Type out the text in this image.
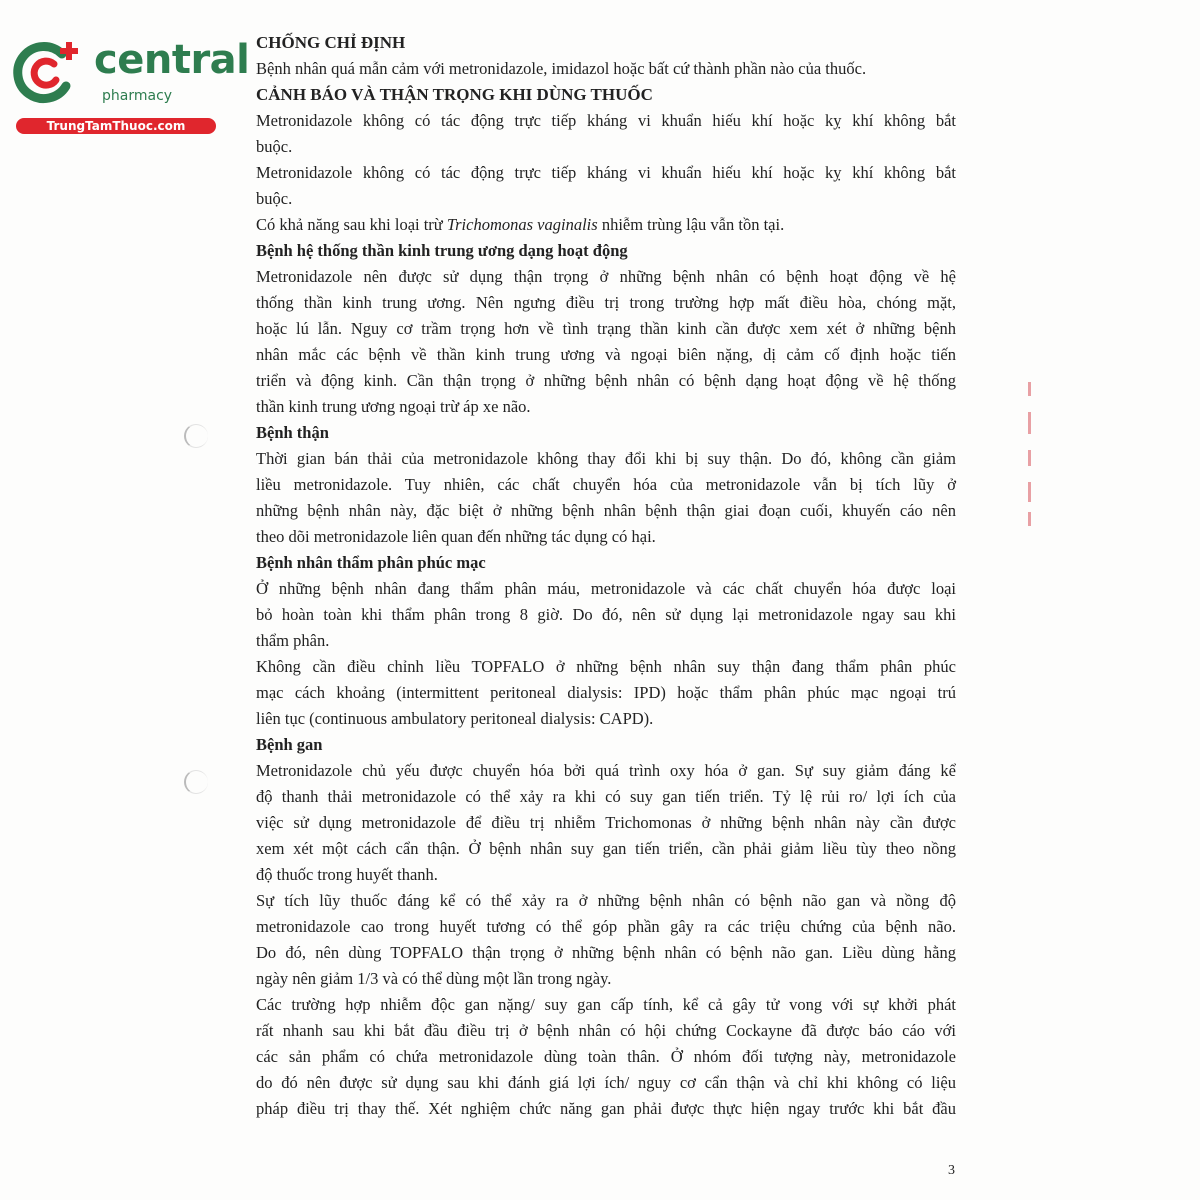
central
pharmacy
TrungTamThuoc.com
CHỐNG CHỈ ĐỊNH
Bệnh nhân quá mẫn cảm với metronidazole, imidazol hoặc bất cứ thành phần nào của thuốc.
CẢNH BÁO VÀ THẬN TRỌNG KHI DÙNG THUỐC
Metronidazole không có tác động trực tiếp kháng vi khuẩn hiếu khí hoặc kỵ khí không bắt
buộc.
Metronidazole không có tác động trực tiếp kháng vi khuẩn hiếu khí hoặc kỵ khí không bắt
buộc.
Có khả năng sau khi loại trừ Trichomonas vaginalis nhiễm trùng lậu vẫn tồn tại.
Bệnh hệ thống thần kinh trung ương dạng hoạt động
Metronidazole nên được sử dụng thận trọng ở những bệnh nhân có bệnh hoạt động về hệ
thống thần kinh trung ương. Nên ngưng điều trị trong trường hợp mất điều hòa, chóng mặt,
hoặc lú lẫn. Nguy cơ trầm trọng hơn về tình trạng thần kinh cần được xem xét ở những bệnh
nhân mắc các bệnh về thần kinh trung ương và ngoại biên nặng, dị cảm cố định hoặc tiến
triển và động kinh. Cần thận trọng ở những bệnh nhân có bệnh dạng hoạt động về hệ thống
thần kinh trung ương ngoại trừ áp xe não.
Bệnh thận
Thời gian bán thải của metronidazole không thay đổi khi bị suy thận. Do đó, không cần giảm
liều metronidazole. Tuy nhiên, các chất chuyển hóa của metronidazole vẫn bị tích lũy ở
những bệnh nhân này, đặc biệt ở những bệnh nhân bệnh thận giai đoạn cuối, khuyến cáo nên
theo dõi metronidazole liên quan đến những tác dụng có hại.
Bệnh nhân thẩm phân phúc mạc
Ở những bệnh nhân đang thẩm phân máu, metronidazole và các chất chuyển hóa được loại
bỏ hoàn toàn khi thẩm phân trong 8 giờ. Do đó, nên sử dụng lại metronidazole ngay sau khi
thẩm phân.
Không cần điều chỉnh liều TOPFALO ở những bệnh nhân suy thận đang thẩm phân phúc
mạc cách khoảng (intermittent peritoneal dialysis: IPD) hoặc thẩm phân phúc mạc ngoại trú
liên tục (continuous ambulatory peritoneal dialysis: CAPD).
Bệnh gan
Metronidazole chủ yếu được chuyển hóa bởi quá trình oxy hóa ở gan. Sự suy giảm đáng kể
độ thanh thải metronidazole có thể xảy ra khi có suy gan tiến triển. Tỷ lệ rủi ro/ lợi ích của
việc sử dụng metronidazole để điều trị nhiễm Trichomonas ở những bệnh nhân này cần được
xem xét một cách cẩn thận. Ở bệnh nhân suy gan tiến triển, cần phải giảm liều tùy theo nồng
độ thuốc trong huyết thanh.
Sự tích lũy thuốc đáng kể có thể xảy ra ở những bệnh nhân có bệnh não gan và nồng độ
metronidazole cao trong huyết tương có thể góp phần gây ra các triệu chứng của bệnh não.
Do đó, nên dùng TOPFALO thận trọng ở những bệnh nhân có bệnh não gan. Liều dùng hằng
ngày nên giảm 1/3 và có thể dùng một lần trong ngày.
Các trường hợp nhiễm độc gan nặng/ suy gan cấp tính, kể cả gây tử vong với sự khởi phát
rất nhanh sau khi bắt đầu điều trị ở bệnh nhân có hội chứng Cockayne đã được báo cáo với
các sản phẩm có chứa metronidazole dùng toàn thân. Ở nhóm đối tượng này, metronidazole
do đó nên được sử dụng sau khi đánh giá lợi ích/ nguy cơ cẩn thận và chỉ khi không có liệu
pháp điều trị thay thế. Xét nghiệm chức năng gan phải được thực hiện ngay trước khi bắt đầu
3
